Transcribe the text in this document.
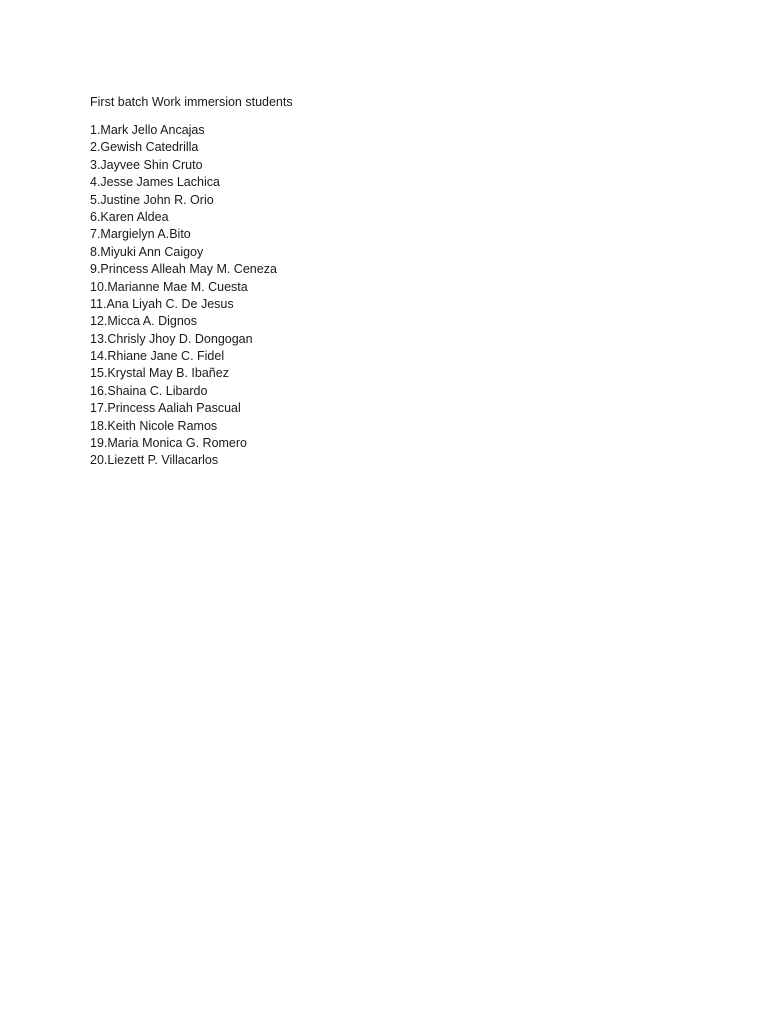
First batch Work immersion students

1.Mark Jello Ancajas
2.Gewish Catedrilla
3.Jayvee Shin Cruto
4.Jesse James Lachica
5.Justine John R. Orio
6.Karen Aldea
7.Margielyn A.Bito
8.Miyuki Ann Caigoy
9.Princess Alleah May M. Ceneza
10.Marianne Mae M. Cuesta
11.Ana Liyah C. De Jesus
12.Micca A. Dignos
13.Chrisly Jhoy D. Dongogan
14.Rhiane Jane C. Fidel
15.Krystal May B. Ibañez
16.Shaina C. Libardo
17.Princess Aaliah Pascual
18.Keith Nicole Ramos
19.Maria Monica G. Romero
20.Liezett P. Villacarlos
